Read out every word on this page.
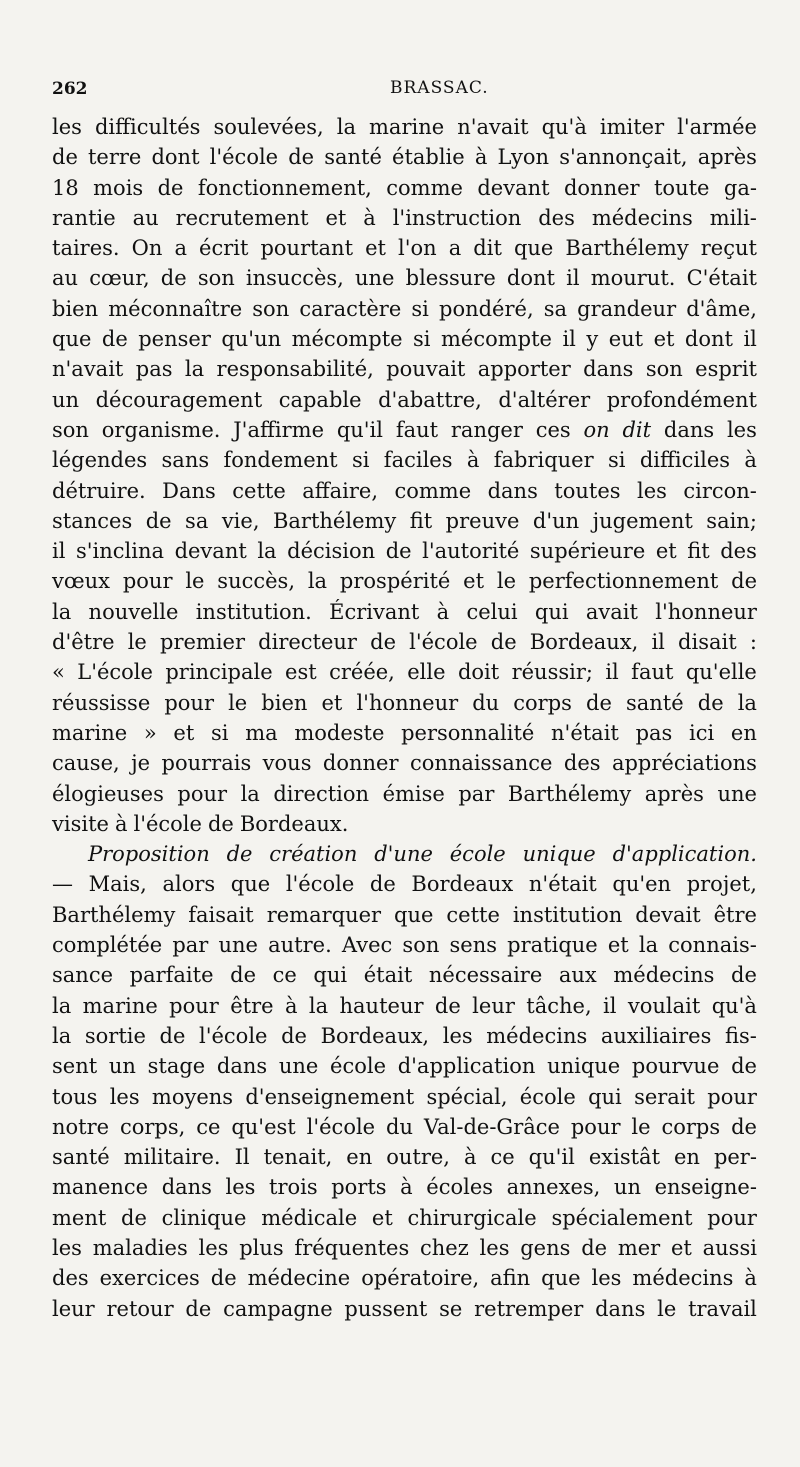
262	BRASSAC.
les difficultés soulevées, la marine n'avait qu'à imiter l'armée
de terre dont l'école de santé établie à Lyon s'annonçait, après
18 mois de fonctionnement, comme devant donner toute ga-
rantie au recrutement et à l'instruction des médecins mili-
taires. On a écrit pourtant et l'on a dit que Barthélemy reçut
au cœur, de son insuccès, une blessure dont il mourut. C'était
bien méconnaître son caractère si pondéré, sa grandeur d'âme,
que de penser qu'un mécompte si mécompte il y eut et dont il
n'avait pas la responsabilité, pouvait apporter dans son esprit
un découragement capable d'abattre, d'altérer profondément
son organisme. J'affirme qu'il faut ranger ces on dit dans les
légendes sans fondement si faciles à fabriquer si difficiles à
détruire. Dans cette affaire, comme dans toutes les circon-
stances de sa vie, Barthélemy fit preuve d'un jugement sain;
il s'inclina devant la décision de l'autorité supérieure et fit des
vœux pour le succès, la prospérité et le perfectionnement de
la nouvelle institution. Écrivant à celui qui avait l'honneur
d'être le premier directeur de l'école de Bordeaux, il disait :
« L'école principale est créée, elle doit réussir; il faut qu'elle
réussisse pour le bien et l'honneur du corps de santé de la
marine » et si ma modeste personnalité n'était pas ici en
cause, je pourrais vous donner connaissance des appréciations
élogieuses pour la direction émise par Barthélemy après une
visite à l'école de Bordeaux.
Proposition de création d'une école unique d'application.
— Mais, alors que l'école de Bordeaux n'était qu'en projet,
Barthélemy faisait remarquer que cette institution devait être
complétée par une autre. Avec son sens pratique et la connais-
sance parfaite de ce qui était nécessaire aux médecins de
la marine pour être à la hauteur de leur tâche, il voulait qu'à
la sortie de l'école de Bordeaux, les médecins auxiliaires fis-
sent un stage dans une école d'application unique pourvue de
tous les moyens d'enseignement spécial, école qui serait pour
notre corps, ce qu'est l'école du Val-de-Grâce pour le corps de
santé militaire. Il tenait, en outre, à ce qu'il existât en per-
manence dans les trois ports à écoles annexes, un enseigne-
ment de clinique médicale et chirurgicale spécialement pour
les maladies les plus fréquentes chez les gens de mer et aussi
des exercices de médecine opératoire, afin que les médecins à
leur retour de campagne pussent se retremper dans le travail
